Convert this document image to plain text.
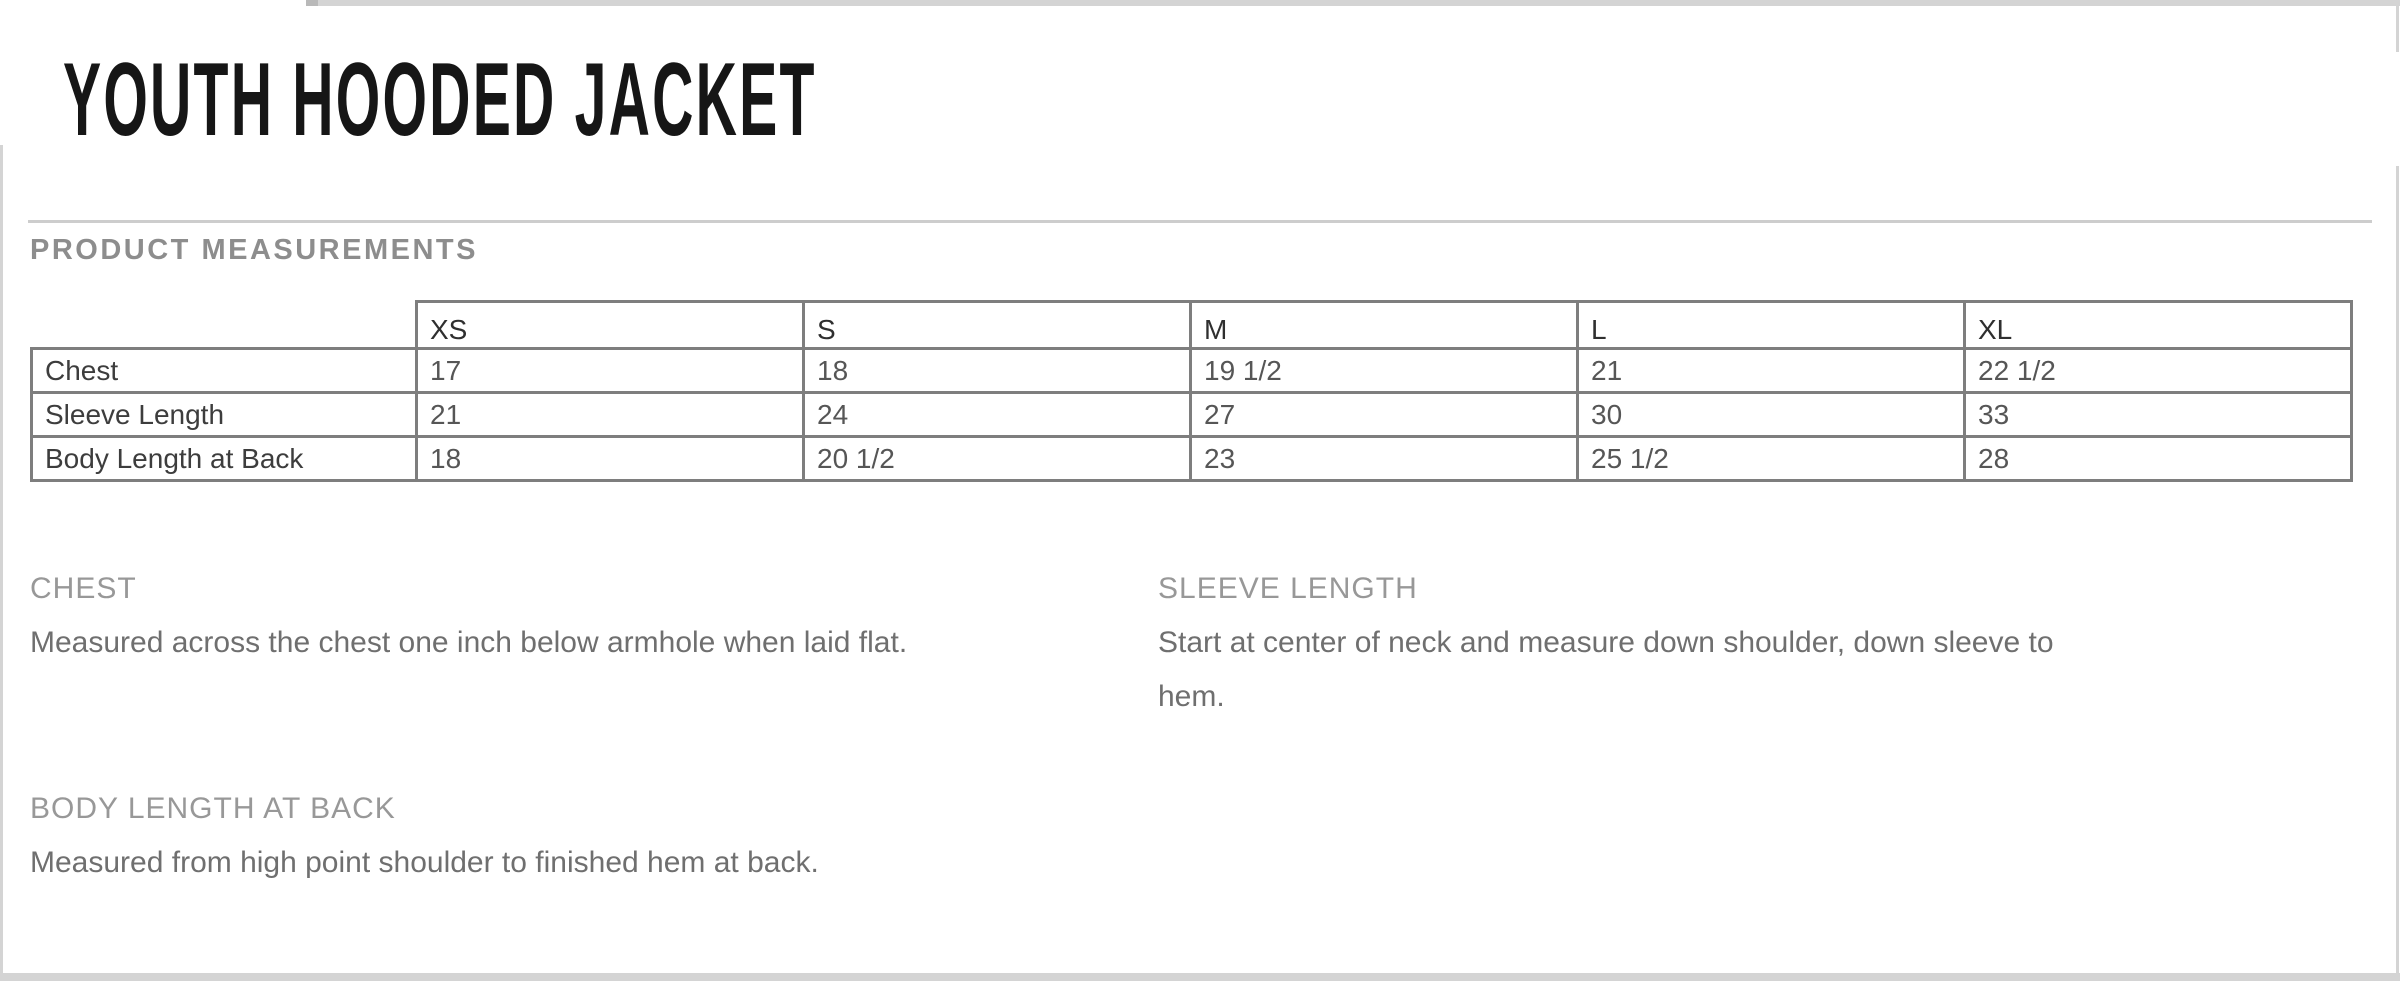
YOUTH HOODED JACKET
PRODUCT MEASUREMENTS
	XS	S	M	L	XL
Chest	17	18	19 1/2	21	22 1/2
Sleeve Length	21	24	27	30	33
Body Length at Back	18	20 1/2	23	25 1/2	28
CHEST

Measured across the chest one inch below armhole when laid flat.

SLEEVE LENGTH

Start at center of neck and measure down shoulder, down sleeve to hem.

BODY LENGTH AT BACK

Measured from high point shoulder to finished hem at back.
